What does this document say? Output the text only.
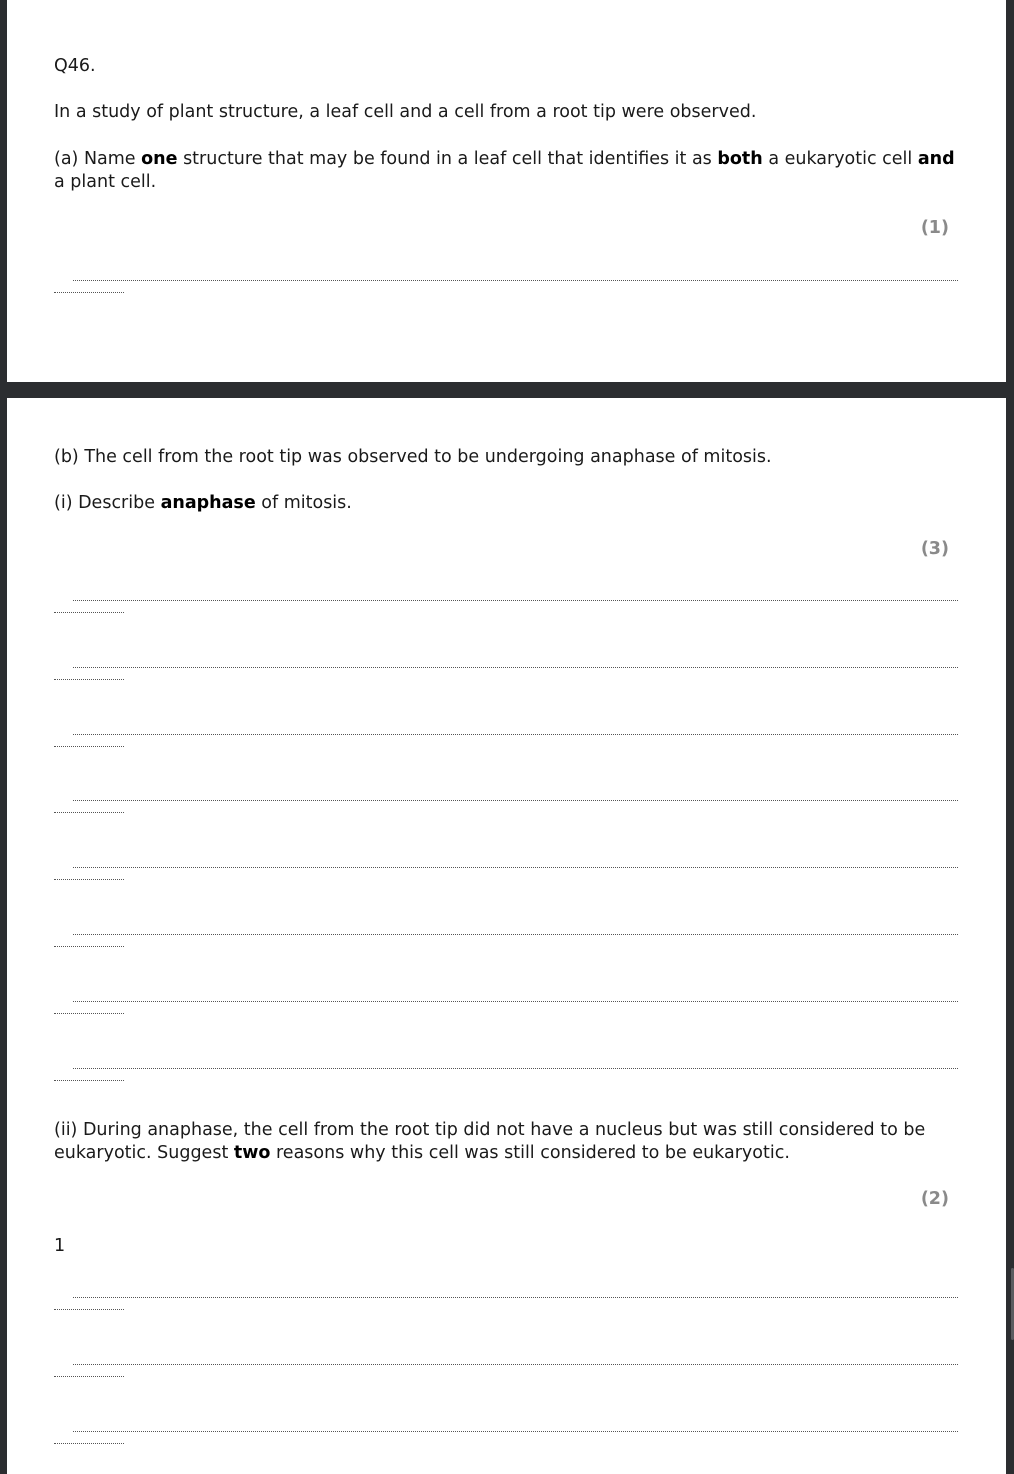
Q46.
In a study of plant structure, a leaf cell and a cell from a root tip were observed.
(a) Name one structure that may be found in a leaf cell that identifies it as both a eukaryotic cell and a plant cell.
(1)
(b) The cell from the root tip was observed to be undergoing anaphase of mitosis.
(i) Describe anaphase of mitosis.
(3)
(ii) During anaphase, the cell from the root tip did not have a nucleus but was still considered to be eukaryotic. Suggest two reasons why this cell was still considered to be eukaryotic.
(2)
1
